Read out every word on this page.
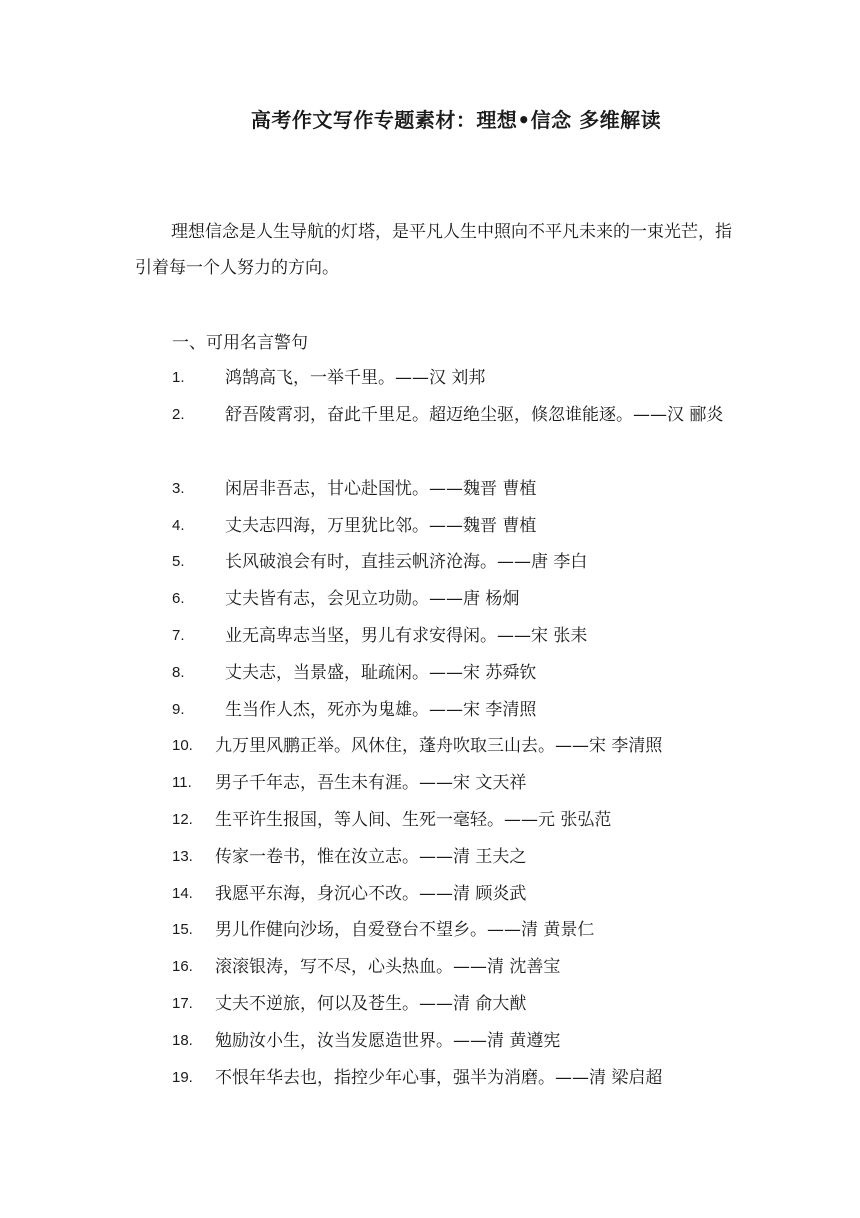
高考作文写作专题素材：理想•信念 多维解读
理想信念是人生导航的灯塔，是平凡人生中照向不平凡未来的一束光芒，指引着每一个人努力的方向。
一、可用名言警句
1. 鸿鹄高飞，一举千里。——汉 刘邦
2.	舒吾陵霄羽，奋此千里足。超迈绝尘驱，倏忽谁能逐。——汉 郦炎
3. 闲居非吾志，甘心赴国忧。——魏晋 曹植
4. 丈夫志四海，万里犹比邻。——魏晋 曹植
5. 长风破浪会有时，直挂云帆济沧海。——唐 李白
6. 丈夫皆有志，会见立功勋。——唐 杨炯
7. 业无高卑志当坚，男儿有求安得闲。——宋 张耒
8. 丈夫志，当景盛，耻疏闲。——宋 苏舜钦
9. 生当作人杰，死亦为鬼雄。——宋 李清照
10. 九万里风鹏正举。风休住，蓬舟吹取三山去。——宋 李清照
11. 男子千年志，吾生未有涯。——宋 文天祥
12. 生平许生报国，等人间、生死一毫轻。——元 张弘范
13. 传家一卷书，惟在汝立志。——清 王夫之
14. 我愿平东海，身沉心不改。——清 顾炎武
15. 男儿作健向沙场，自爱登台不望乡。——清 黄景仁
16. 滚滚银涛，写不尽，心头热血。——清 沈善宝
17. 丈夫不逆旅，何以及苍生。——清 俞大猷
18. 勉励汝小生，汝当发愿造世界。——清 黄遵宪
19. 不恨年华去也，指控少年心事，强半为消磨。——清 梁启超
